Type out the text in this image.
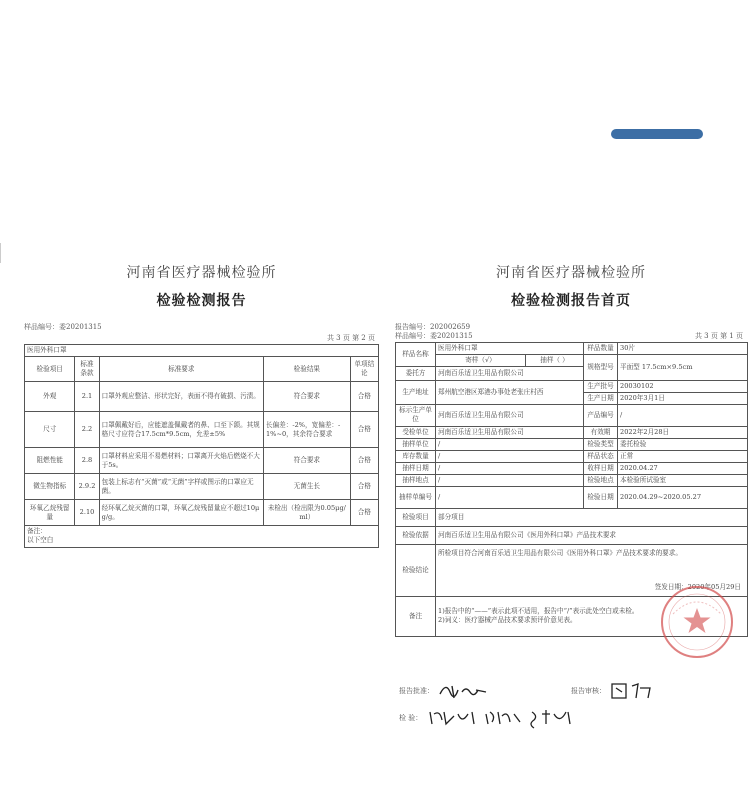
河南省医疗器械检验所
检验检测报告
样品编号：委20201315
共 3 页 第 2 页
医用外科口罩				
检验项目	标准条款	标准要求	检验结果	单项结论
外观	2.1	口罩外观应整洁、形状完好，表面不得有破损、污渍。	符合要求	合格
尺寸	2.2	口罩佩戴好后，应能遮盖佩戴者的鼻、口至下颌。其规格尺寸应符合17.5cm*9.5cm，允差±5%	长偏差：-2%，宽偏差：-1%~0，其余符合要求	合格
阻燃性能	2.8	口罩材料应采用不易燃材料；口罩离开火焰后燃烧不大于5s。	符合要求	合格
微生物指标	2.9.2	包装上标志有“灭菌”或“无菌”字样或图示的口罩应无菌。	无菌生长	合格
环氧乙烷残留量	2.10	经环氧乙烷灭菌的口罩，环氧乙烷残留量应不超过10μg/g。	未检出（检出限为0.05μg/ml）	合格

备注：
以下空白				
河南省医疗器械检验所
检验检测报告首页
报告编号：202002659
样品编号：委20201315	共 3 页 第 1 页
样品名称	医用外科口罩		样品数量	30片
	寄样（√）	抽样（ ）	规格型号	平面型 17.5cm×9.5cm
委托方	河南百乐适卫生用品有限公司			
生产地址	郑州航空港区郑港办事处老张庄村西		生产批号	20030102
			生产日期	2020年3月1日
标示生产单位	河南百乐适卫生用品有限公司		产品编号	/
受检单位	河南百乐适卫生用品有限公司		有效期	2022年2月28日
抽样单位	/		检验类型	委托检验
库存数量	/		样品状态	正常
抽样日期	/		收样日期	2020.04.27
抽样地点	/		检验地点	本检验所试验室
抽样单编号	/		检验日期	2020.04.29~2020.05.27
检验项目	部分项目			
检验依据	河南百乐适卫生用品有限公司《医用外科口罩》产品技术要求			
检验结论	所检项目符合河南百乐适卫生用品有限公司《医用外科口罩》产品技术要求的要求。
签发日期：2020年05月29日			

备注	1)报告中的“——”表示此项不适用，报告中“/”表示此处空白或未检。
2)词义：医疗器械产品技术要求预评价意见表。			
报告批准：	报告审核：
检 验：
